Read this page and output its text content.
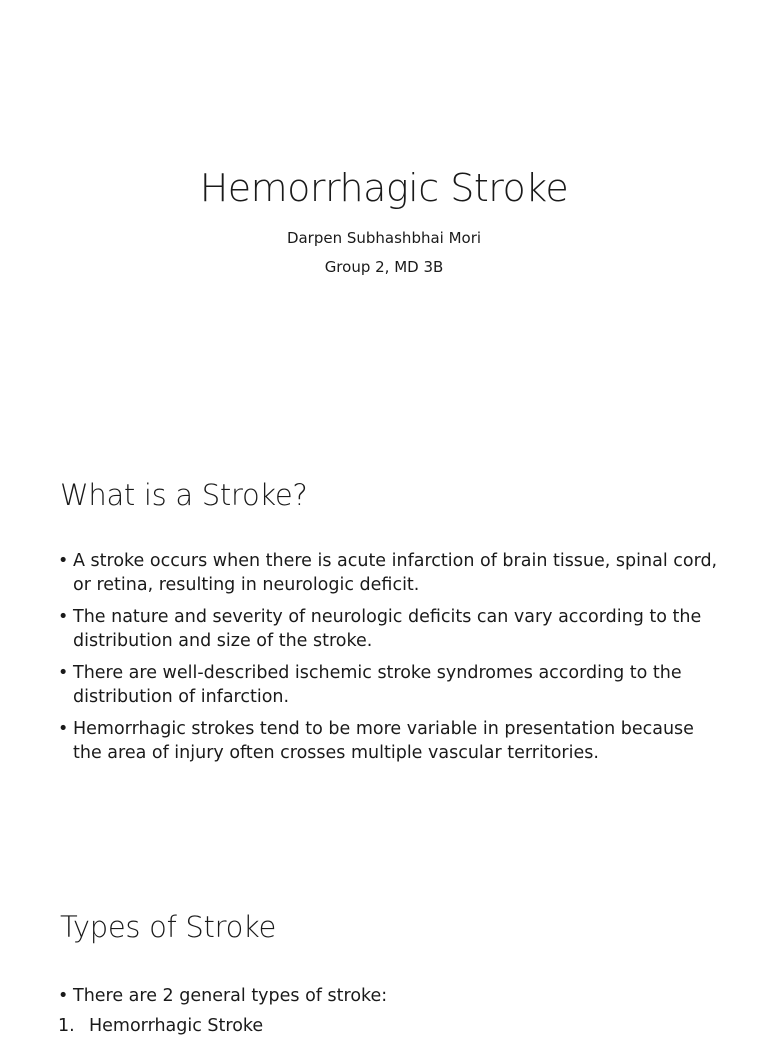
Hemorrhagic Stroke
Darpen Subhashbhai Mori
Group 2, MD 3B
What is a Stroke?
• A stroke occurs when there is acute infarction of brain tissue, spinal cord, or retina, resulting in neurologic deficit.
• The nature and severity of neurologic deficits can vary according to the distribution and size of the stroke.
• There are well-described ischemic stroke syndromes according to the distribution of infarction.
• Hemorrhagic strokes tend to be more variable in presentation because the area of injury often crosses multiple vascular territories.
Types of Stroke
• There are 2 general types of stroke:
1. Hemorrhagic Stroke
